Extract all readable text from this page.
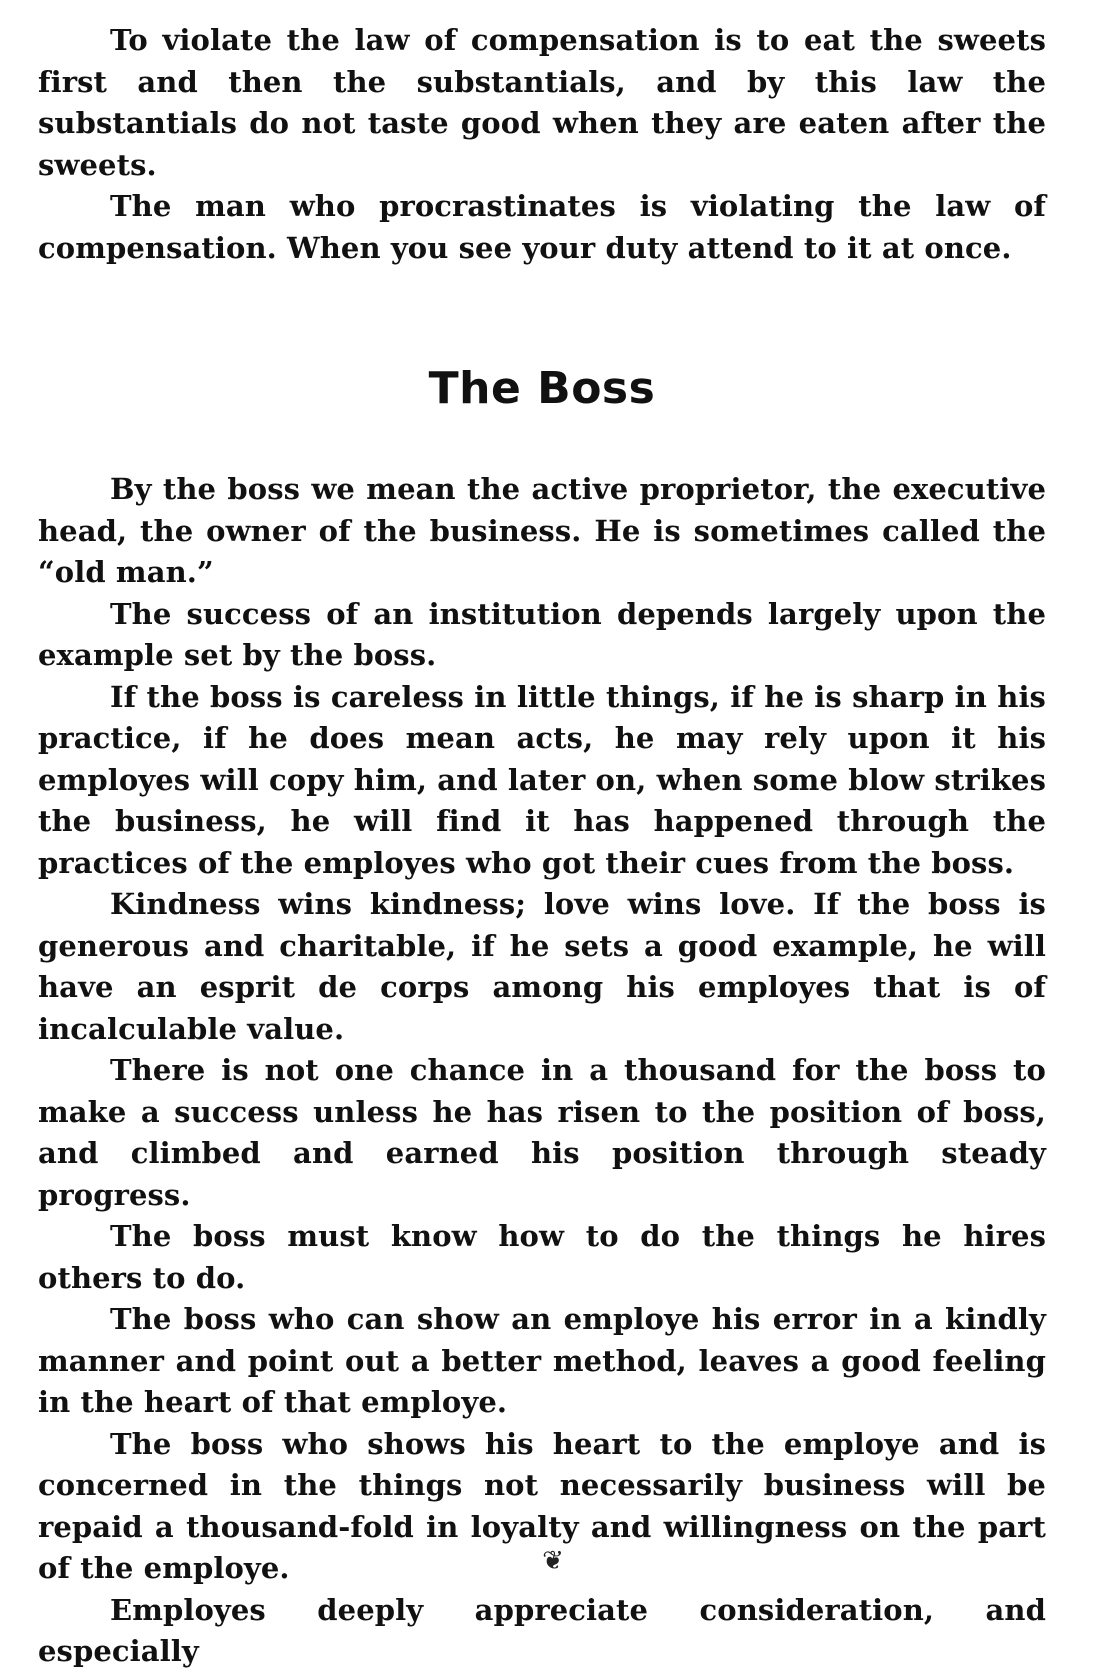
To violate the law of compensation is to eat the sweets first and then the substantials, and by this law the substantials do not taste good when they are eaten after the sweets.

The man who procrastinates is violating the law of compensation. When you see your duty attend to it at once.

The Boss

By the boss we mean the active proprietor, the executive head, the owner of the business. He is sometimes called the “old man.”

The success of an institution depends largely upon the example set by the boss.

If the boss is careless in little things, if he is sharp in his practice, if he does mean acts, he may rely upon it his employes will copy him, and later on, when some blow strikes the business, he will find it has happened through the practices of the employes who got their cues from the boss.

Kindness wins kindness; love wins love. If the boss is generous and charitable, if he sets a good example, he will have an esprit de corps among his employes that is of incalculable value.

There is not one chance in a thousand for the boss to make a success unless he has risen to the position of boss, and climbed and earned his position through steady progress.

The boss must know how to do the things he hires others to do.

The boss who can show an employe his error in a kindly manner and point out a better method, leaves a good feeling in the heart of that employe.

The boss who shows his heart to the employe and is concerned in the things not necessarily business will be repaid a thousand-fold in loyalty and willingness on the part of the employe.

Employes deeply appreciate consideration, and especially

❦
